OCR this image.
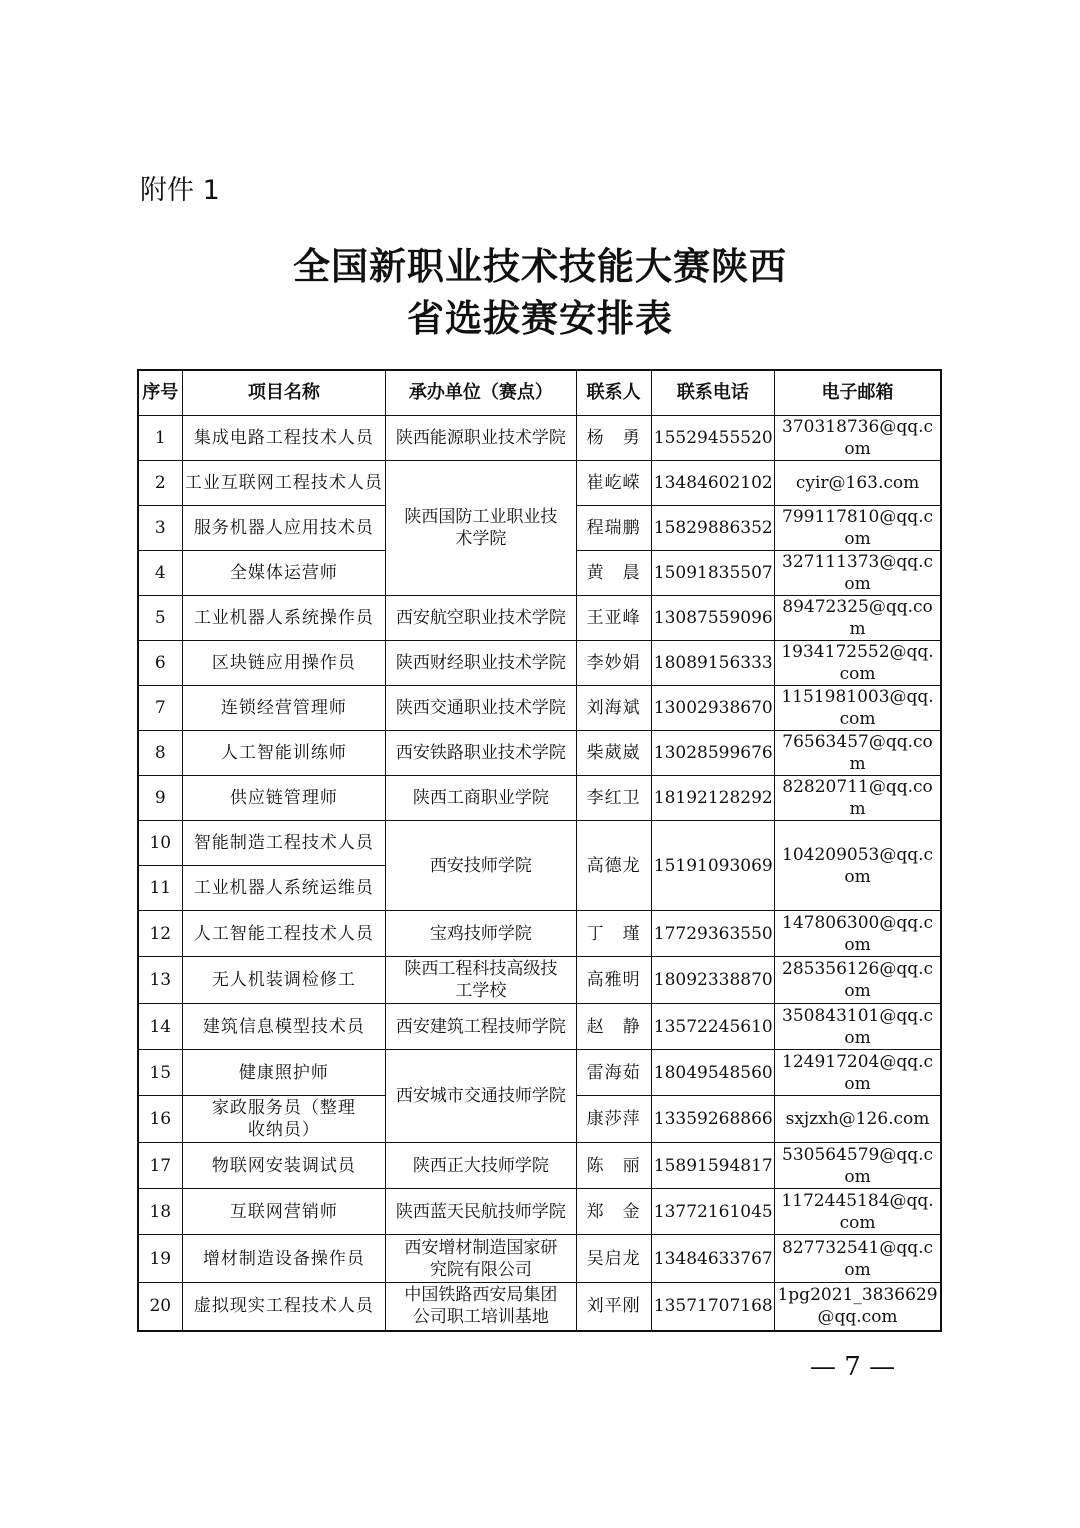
附件 1
全国新职业技术技能大赛陕西
省选拔赛安排表
序号	项目名称	承办单位（赛点）	联系人	联系电话	电子邮箱
1	集成电路工程技术人员	陕西能源职业技术学院	杨　勇	15529455520	370318736@qq.com
2	工业互联网工程技术人员	陕西国防工业职业技术学院	崔屹嵘	13484602102	cyir@163.com
3	服务机器人应用技术员		程瑞鹏	15829886352	799117810@qq.com
4	全媒体运营师		黄　晨	15091835507	327111373@qq.com
5	工业机器人系统操作员	西安航空职业技术学院	王亚峰	13087559096	89472325@qq.com
6	区块链应用操作员	陕西财经职业技术学院	李妙娟	18089156333	1934172552@qq.com
7	连锁经营管理师	陕西交通职业技术学院	刘海斌	13002938670	1151981003@qq.com
8	人工智能训练师	西安铁路职业技术学院	柴葳崴	13028599676	76563457@qq.com
9	供应链管理师	陕西工商职业学院	李红卫	18192128292	82820711@qq.com
10	智能制造工程技术人员	西安技师学院	高德龙	15191093069	104209053@qq.com
11	工业机器人系统运维员				
12	人工智能工程技术人员	宝鸡技师学院	丁　瑾	17729363550	147806300@qq.com
13	无人机装调检修工	陕西工程科技高级技工学校	高雅明	18092338870	285356126@qq.com
14	建筑信息模型技术员	西安建筑工程技师学院	赵　静	13572245610	350843101@qq.com
15	健康照护师	西安城市交通技师学院	雷海茹	18049548560	124917204@qq.com
16	家政服务员（整理收纳员）		康莎萍	13359268866	sxjzxh@126.com
17	物联网安装调试员	陕西正大技师学院	陈　丽	15891594817	530564579@qq.com
18	互联网营销师	陕西蓝天民航技师学院	郑　金	13772161045	1172445184@qq.com
19	增材制造设备操作员	西安增材制造国家研究院有限公司	吴启龙	13484633767	827732541@qq.com
20	虚拟现实工程技术人员	中国铁路西安局集团公司职工培训基地	刘平刚	13571707168	1pg2021_3836629@qq.com
— 7 —
